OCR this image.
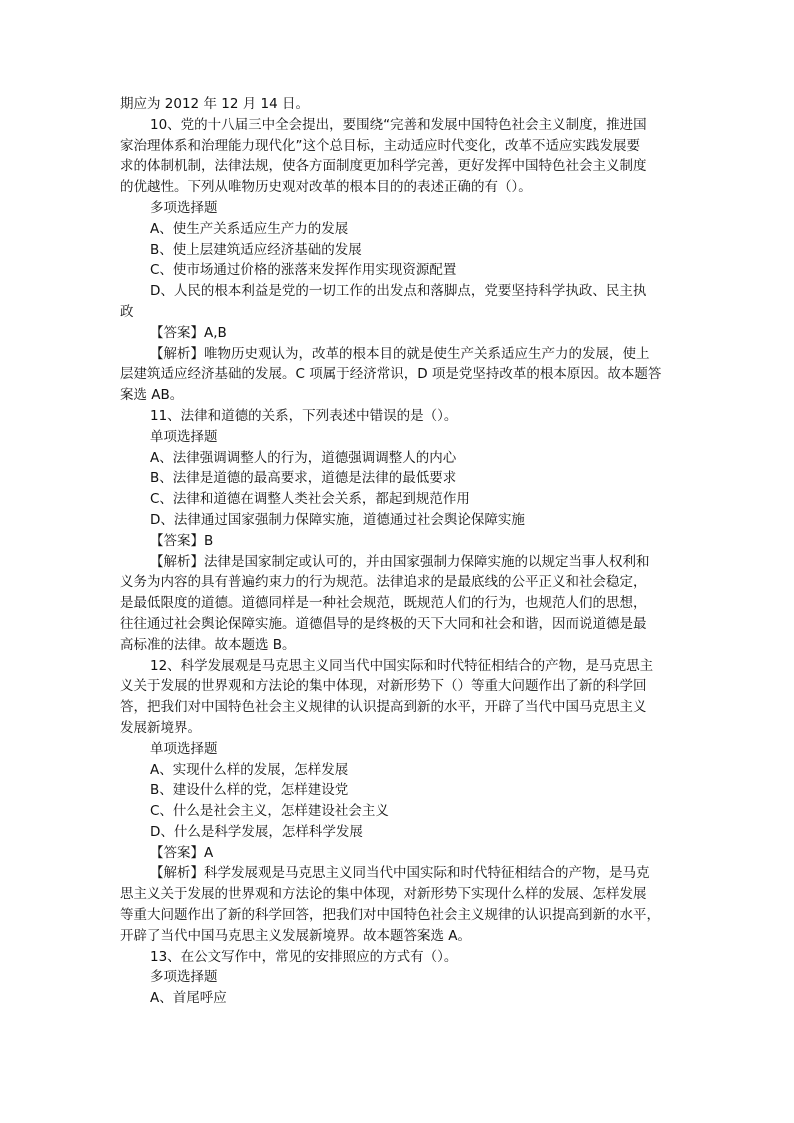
期应为 2012 年 12 月 14 日。
10、党的十八届三中全会提出，要围绕“完善和发展中国特色社会主义制度，推进国
家治理体系和治理能力现代化”这个总目标，主动适应时代变化，改革不适应实践发展要
求的体制机制，法律法规，使各方面制度更加科学完善，更好发挥中国特色社会主义制度
的优越性。下列从唯物历史观对改革的根本目的的表述正确的有（）。
多项选择题
A、使生产关系适应生产力的发展
B、使上层建筑适应经济基础的发展
C、使市场通过价格的涨落来发挥作用实现资源配置
D、人民的根本利益是党的一切工作的出发点和落脚点，党要坚持科学执政、民主执
政
【答案】A,B
【解析】唯物历史观认为，改革的根本目的就是使生产关系适应生产力的发展，使上
层建筑适应经济基础的发展。C 项属于经济常识，D 项是党坚持改革的根本原因。故本题答
案选 AB。
11、法律和道德的关系，下列表述中错误的是（）。
单项选择题
A、法律强调调整人的行为，道德强调调整人的内心
B、法律是道德的最高要求，道德是法律的最低要求
C、法律和道德在调整人类社会关系，都起到规范作用
D、法律通过国家强制力保障实施，道德通过社会舆论保障实施
【答案】B
【解析】法律是国家制定或认可的，并由国家强制力保障实施的以规定当事人权利和
义务为内容的具有普遍约束力的行为规范。法律追求的是最底线的公平正义和社会稳定，
是最低限度的道德。道德同样是一种社会规范，既规范人们的行为，也规范人们的思想，
往往通过社会舆论保障实施。道德倡导的是终极的天下大同和社会和谐，因而说道德是最
高标准的法律。故本题选 B。
12、科学发展观是马克思主义同当代中国实际和时代特征相结合的产物，是马克思主
义关于发展的世界观和方法论的集中体现，对新形势下（）等重大问题作出了新的科学回
答，把我们对中国特色社会主义规律的认识提高到新的水平，开辟了当代中国马克思主义
发展新境界。
单项选择题
A、实现什么样的发展，怎样发展
B、建设什么样的党，怎样建设党
C、什么是社会主义，怎样建设社会主义
D、什么是科学发展，怎样科学发展
【答案】A
【解析】科学发展观是马克思主义同当代中国实际和时代特征相结合的产物，是马克
思主义关于发展的世界观和方法论的集中体现，对新形势下实现什么样的发展、怎样发展
等重大问题作出了新的科学回答，把我们对中国特色社会主义规律的认识提高到新的水平，
开辟了当代中国马克思主义发展新境界。故本题答案选 A。
13、在公文写作中，常见的安排照应的方式有（）。
多项选择题
A、首尾呼应
